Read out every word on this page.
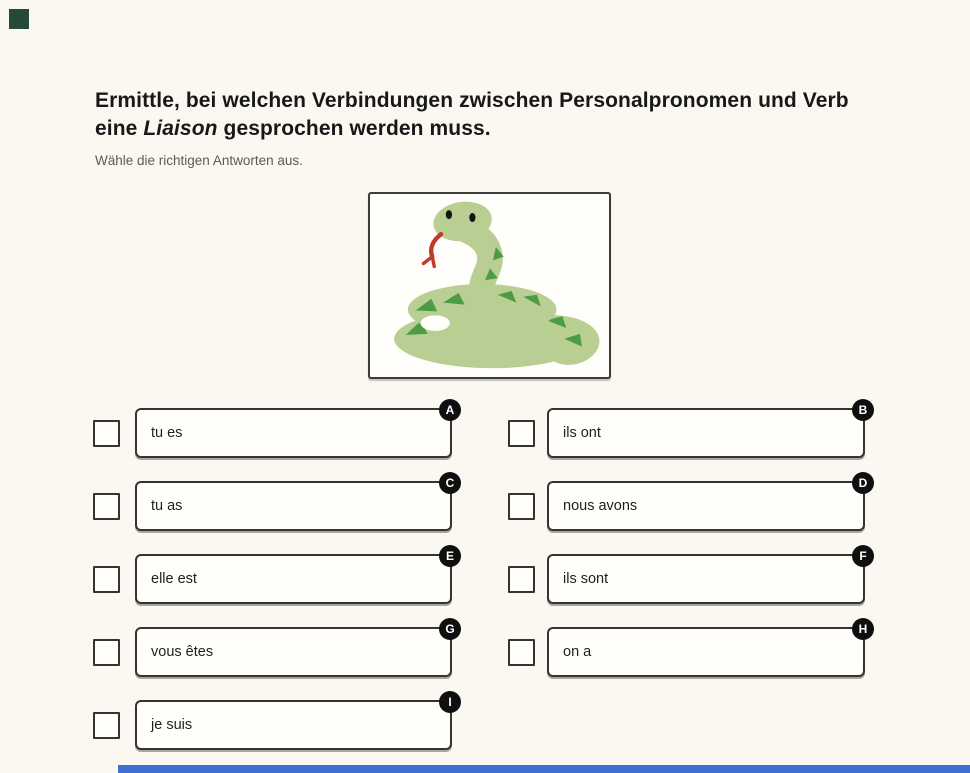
Ermittle, bei welchen Verbindungen zwischen Personalpronomen und Verb eine Liaison gesprochen werden muss.
Wähle die richtigen Antworten aus.
tu es
A
ils ont
B
tu as
C
nous avons
D
elle est
E
ils sont
F
vous êtes
G
on a
H
je suis
I
